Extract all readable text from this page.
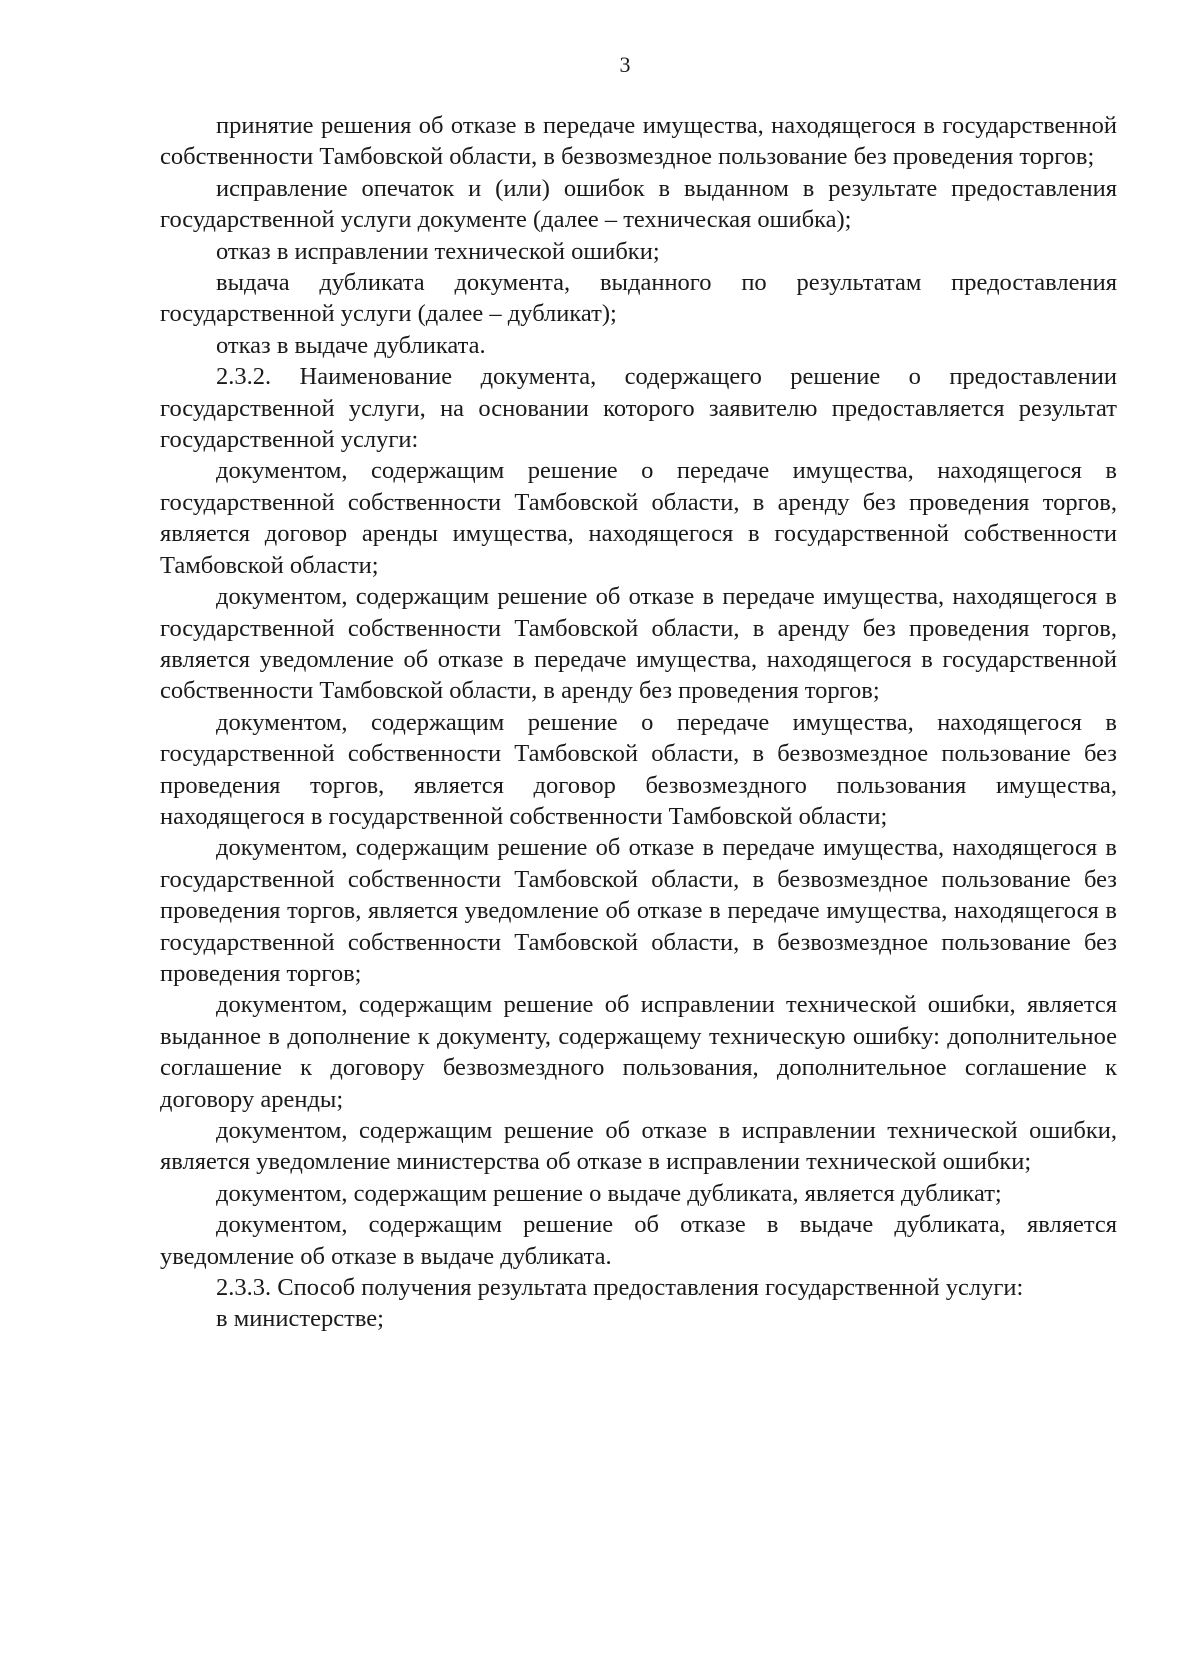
3

принятие решения об отказе в передаче имущества, находящегося в государственной собственности Тамбовской области, в безвозмездное пользование без проведения торгов;

исправление опечаток и (или) ошибок в выданном в результате предоставления государственной услуги документе (далее – техническая ошибка);

отказ в исправлении технической ошибки;

выдача дубликата документа, выданного по результатам предоставления государственной услуги (далее – дубликат);

отказ в выдаче дубликата.

2.3.2. Наименование документа, содержащего решение о предоставлении государственной услуги, на основании которого заявителю предоставляется результат государственной услуги:

документом, содержащим решение о передаче имущества, находящегося в государственной собственности Тамбовской области, в аренду без проведения торгов, является договор аренды имущества, находящегося в государственной собственности Тамбовской области;

документом, содержащим решение об отказе в передаче имущества, находящегося в государственной собственности Тамбовской области, в аренду без проведения торгов, является уведомление об отказе в передаче имущества, находящегося в государственной собственности Тамбовской области, в аренду без проведения торгов;

документом, содержащим решение о передаче имущества, находящегося в государственной собственности Тамбовской области, в безвозмездное пользование без проведения торгов, является договор безвозмездного пользования имущества, находящегося в государственной собственности Тамбовской области;

документом, содержащим решение об отказе в передаче имущества, находящегося в государственной собственности Тамбовской области, в безвозмездное пользование без проведения торгов, является уведомление об отказе в передаче имущества, находящегося в государственной собственности Тамбовской области, в безвозмездное пользование без проведения торгов;

документом, содержащим решение об исправлении технической ошибки, является выданное в дополнение к документу, содержащему техническую ошибку: дополнительное соглашение к договору безвозмездного пользования, дополнительное соглашение к договору аренды;

документом, содержащим решение об отказе в исправлении технической ошибки, является уведомление министерства об отказе в исправлении технической ошибки;

документом, содержащим решение о выдаче дубликата, является дубликат;

документом, содержащим решение об отказе в выдаче дубликата, является уведомление об отказе в выдаче дубликата.

2.3.3. Способ получения результата предоставления государственной услуги:

в министерстве;
